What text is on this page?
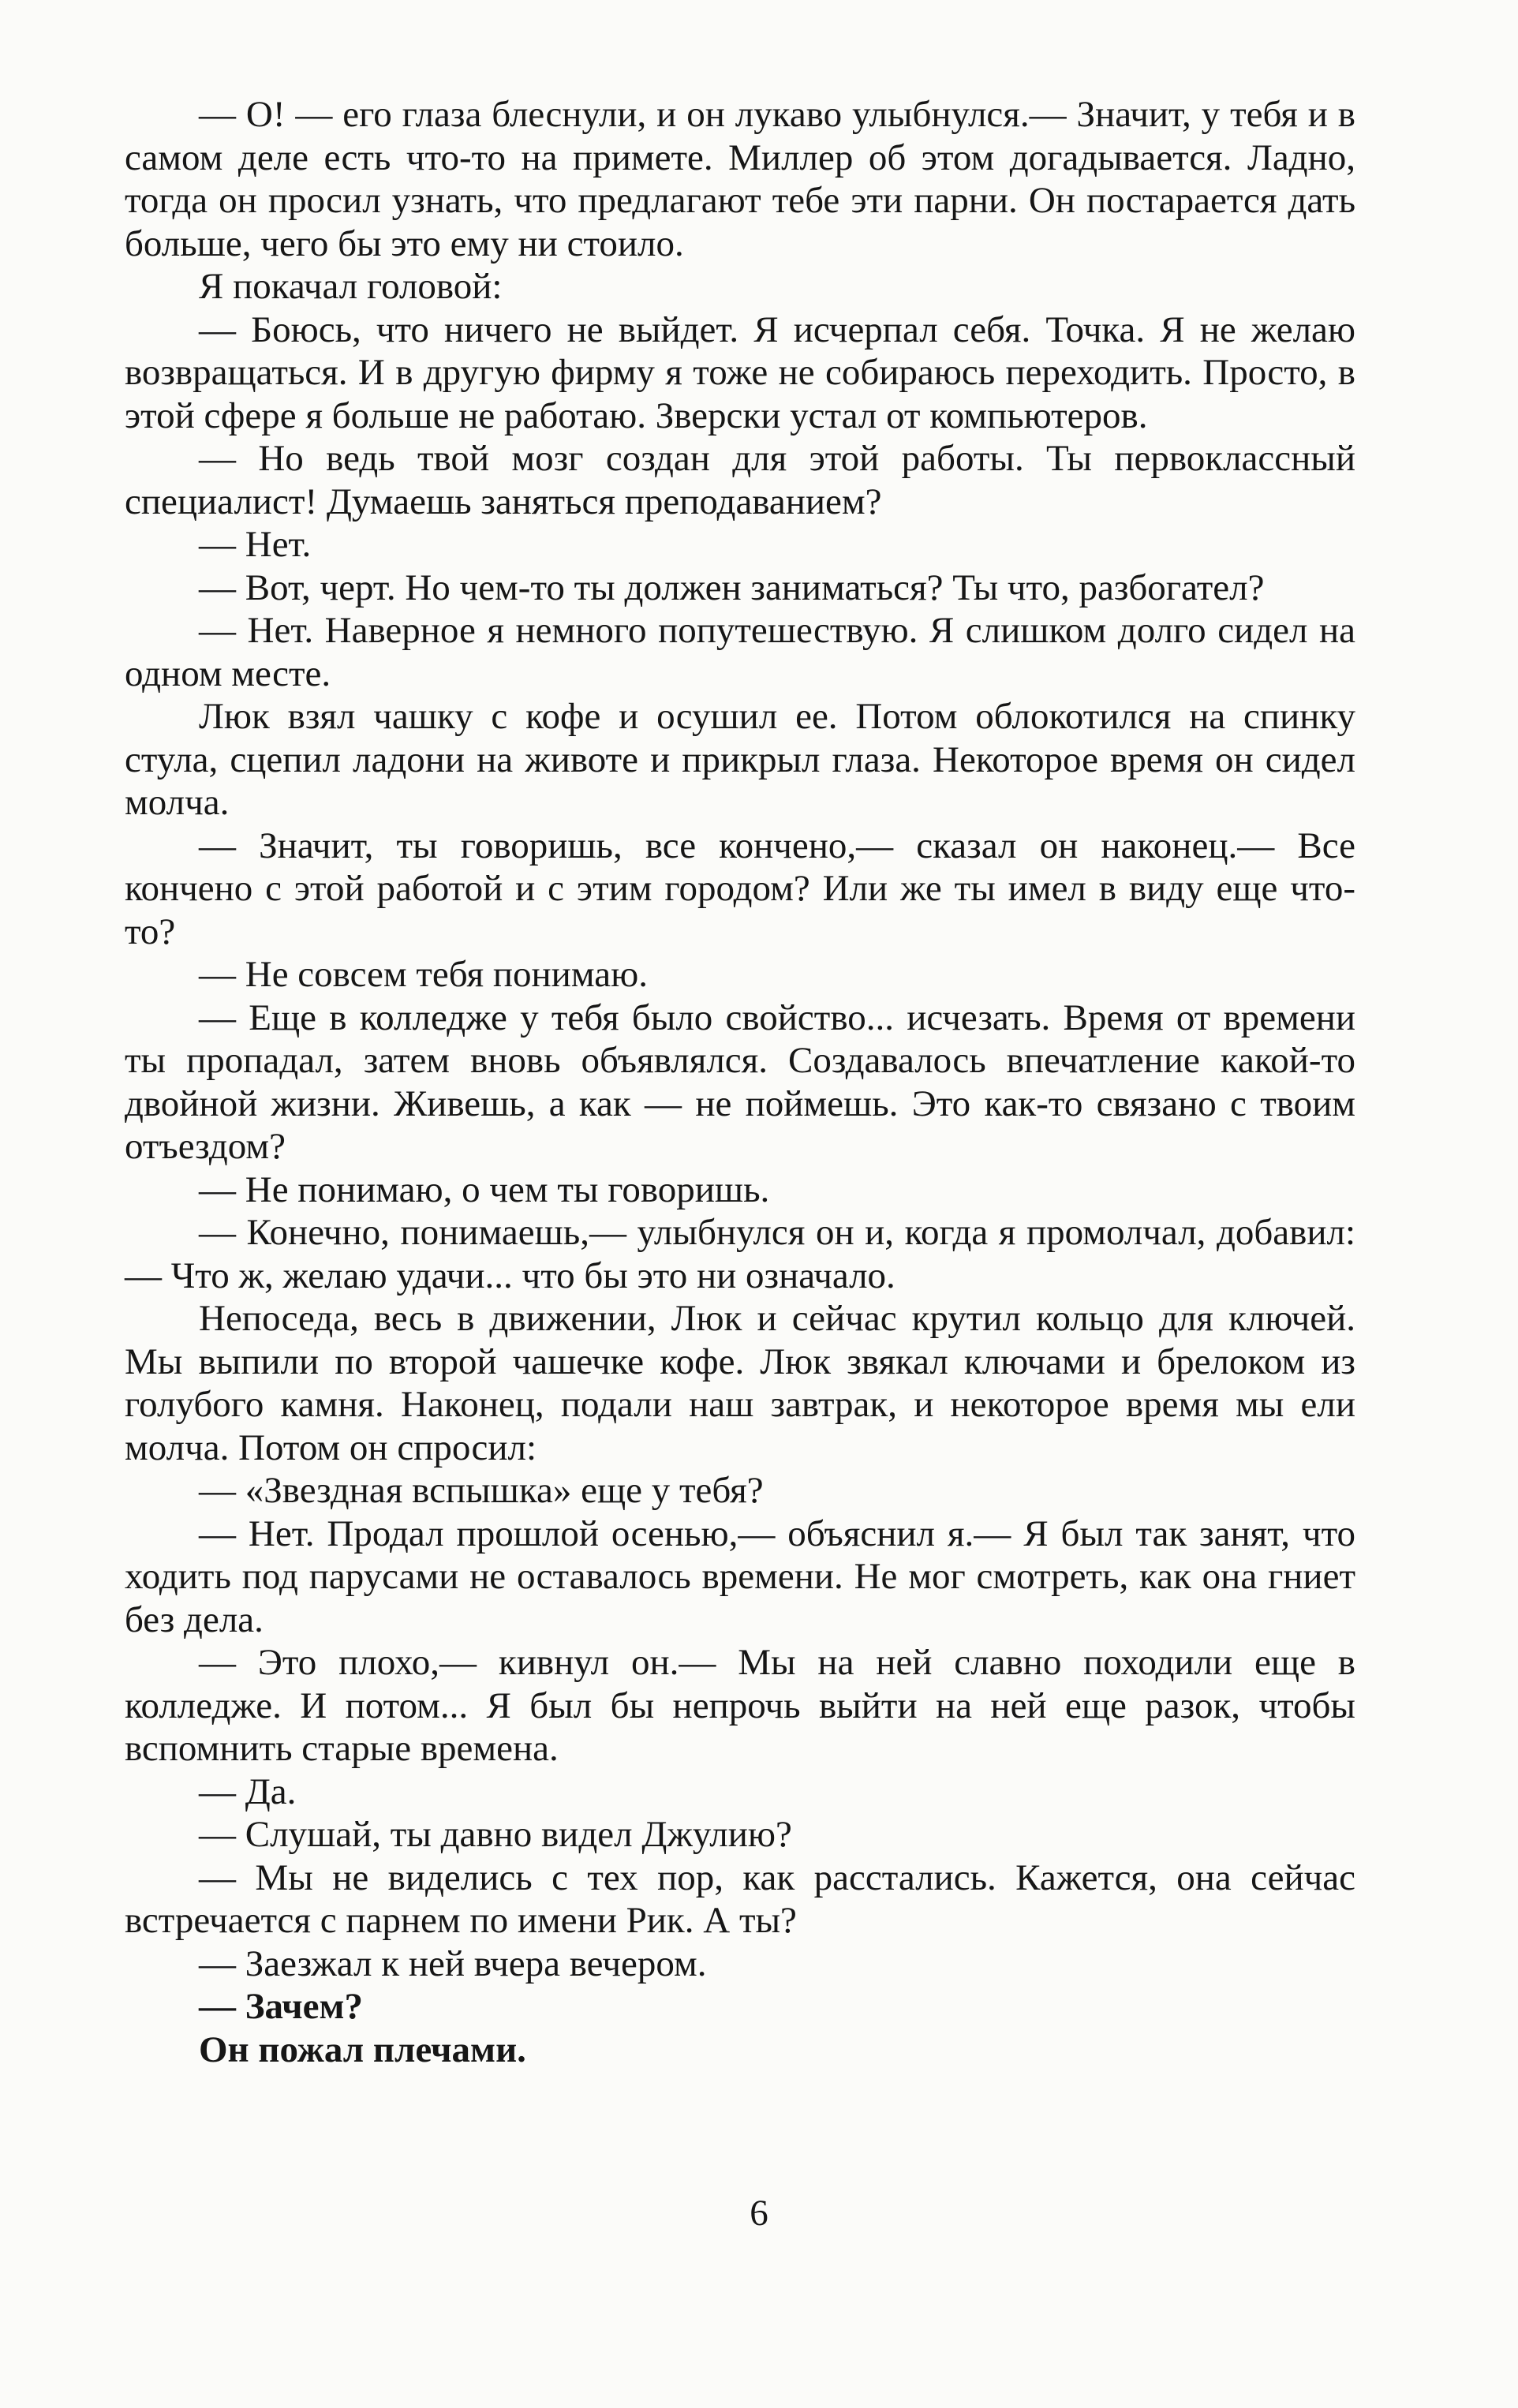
— О! — его глаза блеснули, и он лукаво улыбнулся.— Значит, у тебя и в самом деле есть что-то на примете. Миллер об этом догадывается. Ладно, тогда он просил узнать, что предлагают тебе эти парни. Он постарается дать больше, чего бы это ему ни стоило.

Я покачал головой:

— Боюсь, что ничего не выйдет. Я исчерпал себя. Точка. Я не желаю возвращаться. И в другую фирму я тоже не собираюсь переходить. Просто, в этой сфере я больше не работаю. Зверски устал от компьютеров.

— Но ведь твой мозг создан для этой работы. Ты первоклассный специалист! Думаешь заняться преподаванием?

— Нет.

— Вот, черт. Но чем-то ты должен заниматься? Ты что, разбогател?

— Нет. Наверное я немного попутешествую. Я слишком долго сидел на одном месте.

Люк взял чашку с кофе и осушил ее. Потом облокотился на спинку стула, сцепил ладони на животе и прикрыл глаза. Некоторое время он сидел молча.

— Значит, ты говоришь, все кончено,— сказал он наконец.— Все кончено с этой работой и с этим городом? Или же ты имел в виду еще что-то?

— Не совсем тебя понимаю.

— Еще в колледже у тебя было свойство... исчезать. Время от времени ты пропадал, затем вновь объявлялся. Создавалось впечатление какой-то двойной жизни. Живешь, а как — не поймешь. Это как-то связано с твоим отъездом?

— Не понимаю, о чем ты говоришь.

— Конечно, понимаешь,— улыбнулся он и, когда я промолчал, добавил: — Что ж, желаю удачи... что бы это ни означало.

Непоседа, весь в движении, Люк и сейчас крутил кольцо для ключей. Мы выпили по второй чашечке кофе. Люк звякал ключами и брелоком из голубого камня. Наконец, подали наш завтрак, и некоторое время мы ели молча. Потом он спросил:

— «Звездная вспышка» еще у тебя?

— Нет. Продал прошлой осенью,— объяснил я.— Я был так занят, что ходить под парусами не оставалось времени. Не мог смотреть, как она гниет без дела.

— Это плохо,— кивнул он.— Мы на ней славно походили еще в колледже. И потом... Я был бы непрочь выйти на ней еще разок, чтобы вспомнить старые времена.

— Да.

— Слушай, ты давно видел Джулию?

— Мы не виделись с тех пор, как расстались. Кажется, она сейчас встречается с парнем по имени Рик. А ты?

— Заезжал к ней вчера вечером.

— Зачем?

Он пожал плечами.

6
